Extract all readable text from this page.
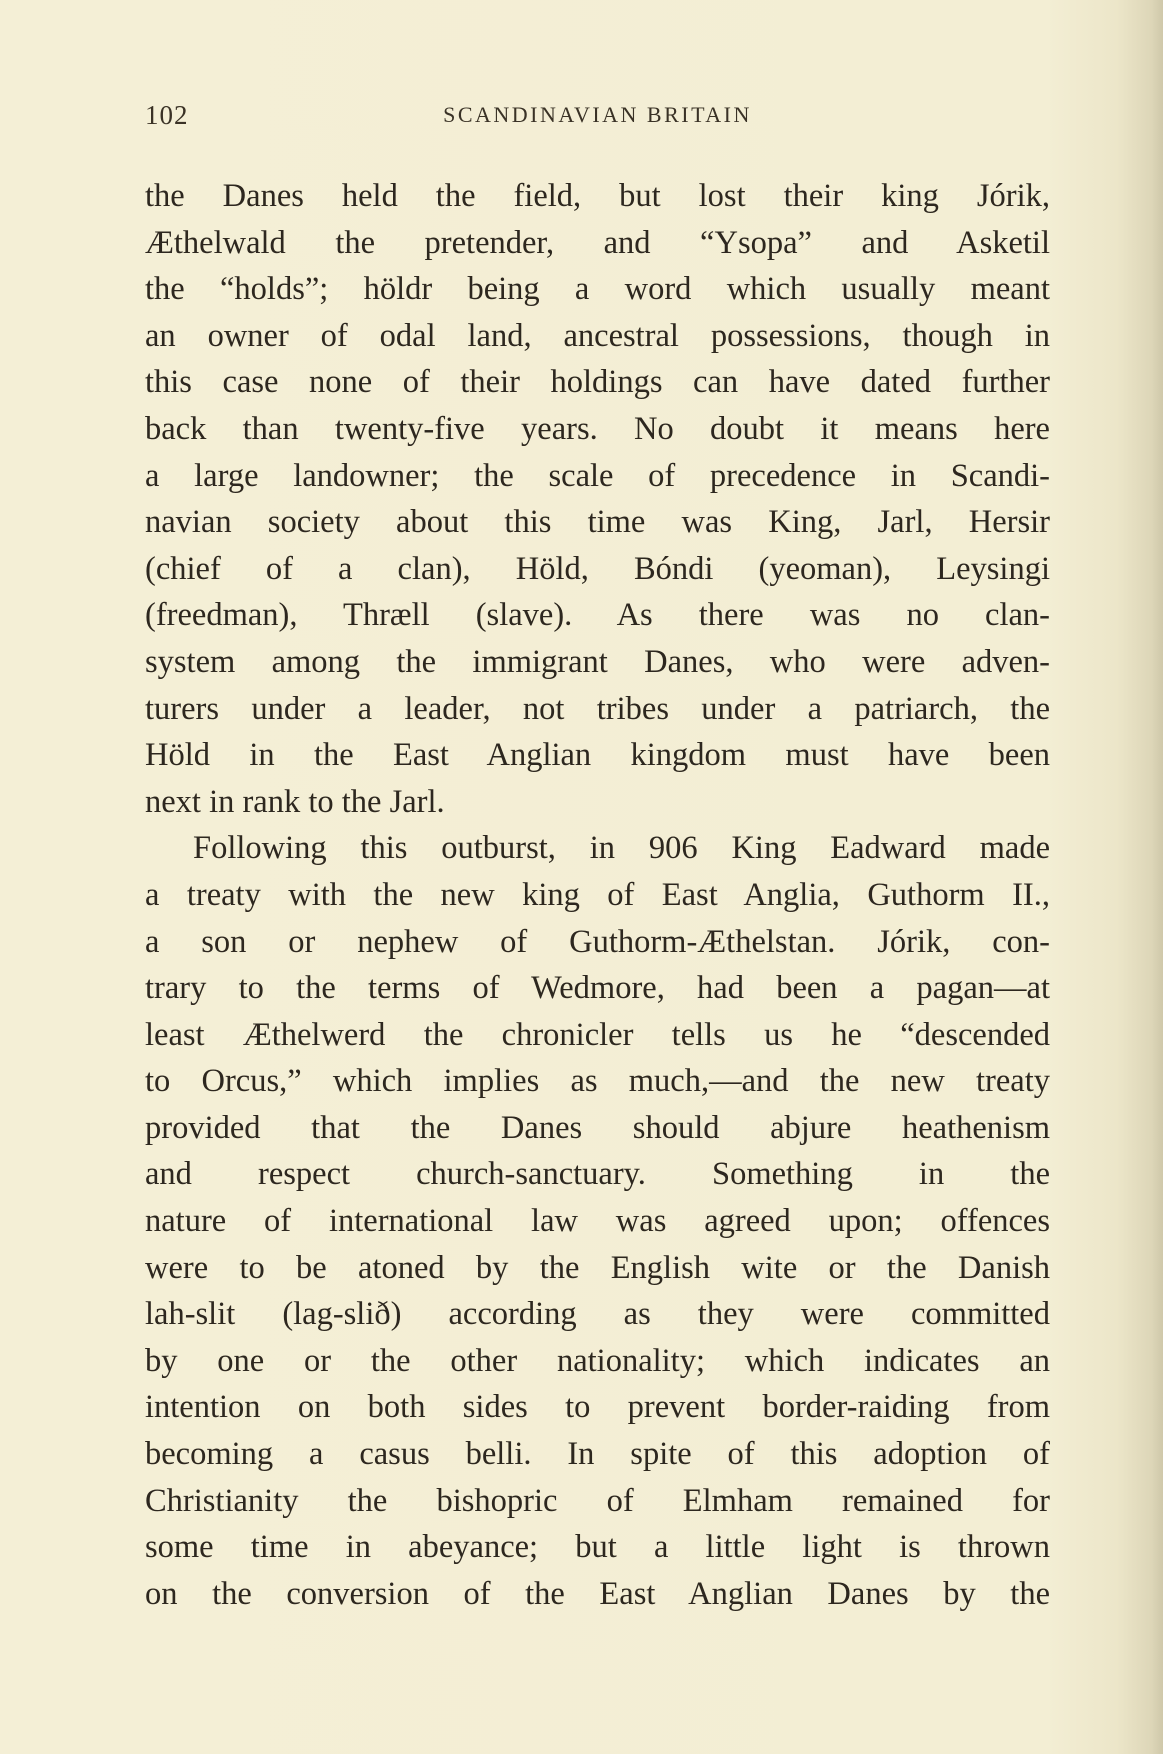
102	SCANDINAVIAN BRITAIN
the Danes held the field, but lost their king Jórik,
Æthelwald the pretender, and “Ysopa” and Asketil
the “holds”; höldr being a word which usually meant
an owner of odal land, ancestral possessions, though in
this case none of their holdings can have dated further
back than twenty-five years. No doubt it means here
a large landowner; the scale of precedence in Scandi-
navian society about this time was King, Jarl, Hersir
(chief of a clan), Höld, Bóndi (yeoman), Leysingi
(freedman), Thræll (slave). As there was no clan-
system among the immigrant Danes, who were adven-
turers under a leader, not tribes under a patriarch, the
Höld in the East Anglian kingdom must have been
next in rank to the Jarl.
Following this outburst, in 906 King Eadward made
a treaty with the new king of East Anglia, Guthorm II.,
a son or nephew of Guthorm-Æthelstan. Jórik, con-
trary to the terms of Wedmore, had been a pagan—at
least Æthelwerd the chronicler tells us he “descended
to Orcus,” which implies as much,—and the new treaty
provided that the Danes should abjure heathenism
and respect church-sanctuary. Something in the
nature of international law was agreed upon; offences
were to be atoned by the English wite or the Danish
lah-slit (lag-slið) according as they were committed
by one or the other nationality; which indicates an
intention on both sides to prevent border-raiding from
becoming a casus belli. In spite of this adoption of
Christianity the bishopric of Elmham remained for
some time in abeyance; but a little light is thrown
on the conversion of the East Anglian Danes by the
